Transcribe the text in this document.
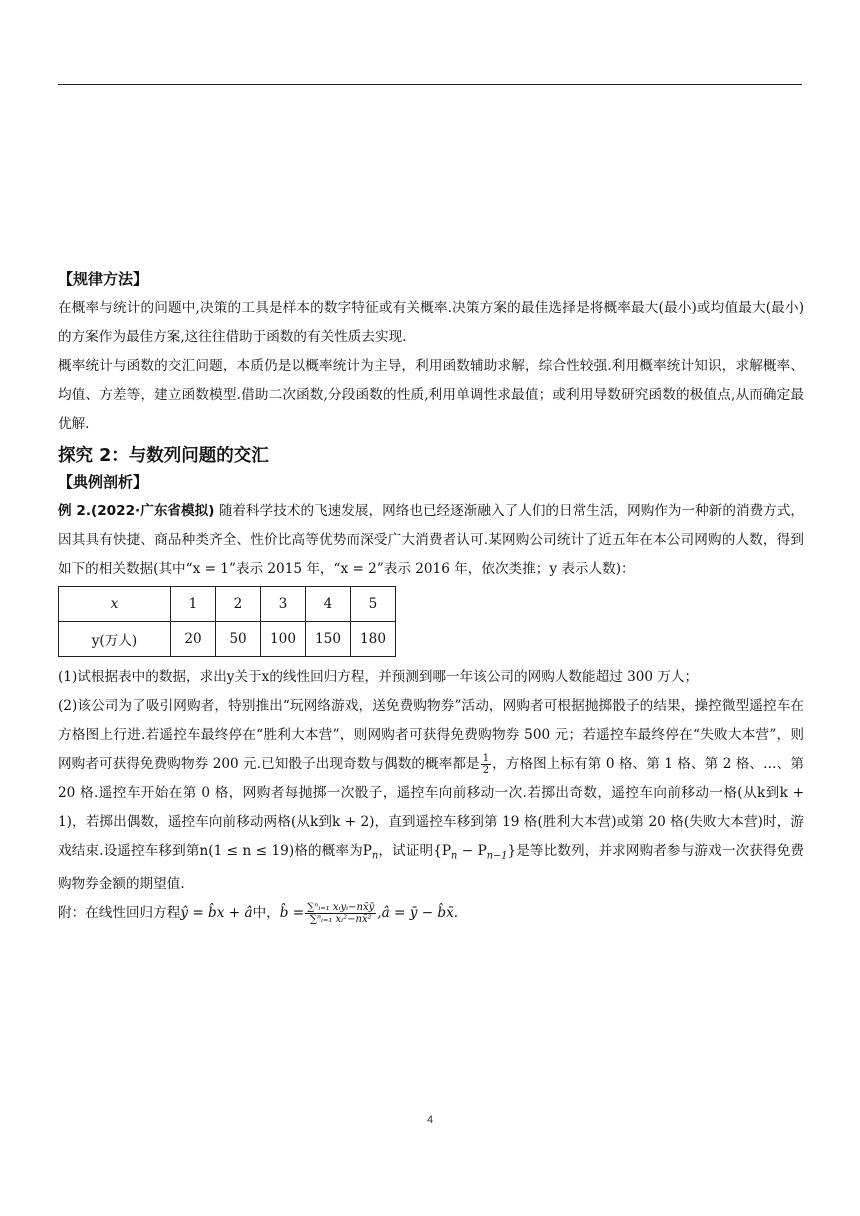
【规律方法】

在概率与统计的问题中,决策的工具是样本的数字特征或有关概率.决策方案的最佳选择是将概率最大(最小)或均值最大(最小)的方案作为最佳方案,这往往借助于函数的有关性质去实现.

概率统计与函数的交汇问题，本质仍是以概率统计为主导，利用函数辅助求解，综合性较强.利用概率统计知识，求解概率、均值、方差等，建立函数模型.借助二次函数,分段函数的性质,利用单调性求最值；或利用导数研究函数的极值点,从而确定最优解.

探究 2：与数列问题的交汇
【典例剖析】

例 2.(2022·广东省模拟) 随着科学技术的飞速发展，网络也已经逐渐融入了人们的日常生活，网购作为一种新的消费方式，因其具有快捷、商品种类齐全、性价比高等优势而深受广大消费者认可.某网购公司统计了近五年在本公司网购的人数，得到如下的相关数据(其中“x = 1”表示 2015 年，“x = 2”表示 2016 年，依次类推；y 表示人数)：

x	1	2	3	4	5
y(万人)	20	50	100	150	180

(1)试根据表中的数据，求出y关于x的线性回归方程，并预测到哪一年该公司的网购人数能超过 300 万人；

(2)该公司为了吸引网购者，特别推出“玩网络游戏，送免费购物券”活动，网购者可根据抛掷骰子的结果，操控微型遥控车在方格图上行进.若遥控车最终停在“胜利大本营”，则网购者可获得免费购物券 500 元；若遥控车最终停在“失败大本营”，则网购者可获得免费购物券 200 元.已知骰子出现奇数与偶数的概率都是 $\frac{1}{2}$ ，方格图上标有第 0 格、第 1 格、第 2 格、…、第 20 格.遥控车开始在第 0 格，网购者每抛掷一次骰子，遥控车向前移动一次.若掷出奇数，遥控车向前移动一格(从k到k + 1)，若掷出偶数，遥控车向前移动两格(从k到k + 2)，直到遥控车移到第 19 格(胜利大本营)或第 20 格(失败大本营)时，游戏结束.设遥控车移到第n(1 ≤ n ≤ 19)格的概率为$P_n$，试证明$\{P_n - P_{n-1}\}$是等比数列，并求网购者参与游戏一次获得免费购物券金额的期望值.

附：在线性回归方程ŷ = b̂x + â中，b̂ = $\frac{\text{∑ⁿᵢ₌₁ xᵢyᵢ−nx̄ȳ}}{\text{∑ⁿᵢ₌₁ xᵢ²−nx̄²}}$ ,â = ȳ − b̂x̄.

4
